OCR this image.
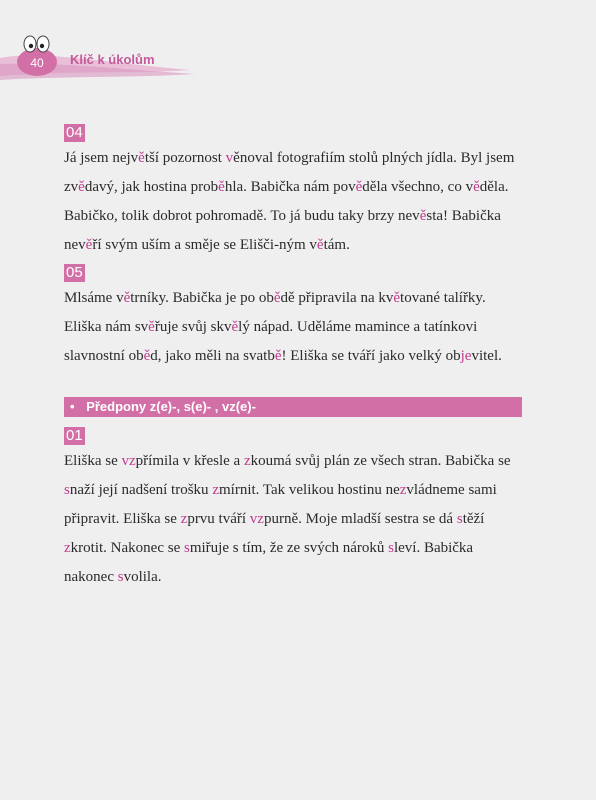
40	Klíč k úkolům
04

Já jsem největší pozornost věnoval fotografiím stolů plných jídla. Byl jsem zvědavý, jak hostina proběhla. Babička nám pověděla všechno, co věděla. Babičko, tolik dobrot pohromadě. To já budu taky brzy nevěsta! Babička nevěří svým uším a směje se Elišči-ným větám.

05

Mlsáme větrníky. Babička je po obědě připravila na květované talířky. Eliška nám svěřuje svůj skvělý nápad. Uděláme mamince a tatínkovi slavnostní oběd, jako měli na svatbě! Eliška se tváří jako velký objevitel.

• Předpony z(e)-, s(e)- , vz(e)-
01

Eliška se vzpřímila v křesle a zkoumá svůj plán ze všech stran. Babička se snaží její nadšení trošku zmírnit. Tak velikou hostinu nezvládneme sami připravit. Eliška se zprvu tváří vzpurně. Moje mladší sestra se dá stěží zkrotit. Nakonec se smiřuje s tím, že ze svých nároků sleví. Babička nakonec svolila.
